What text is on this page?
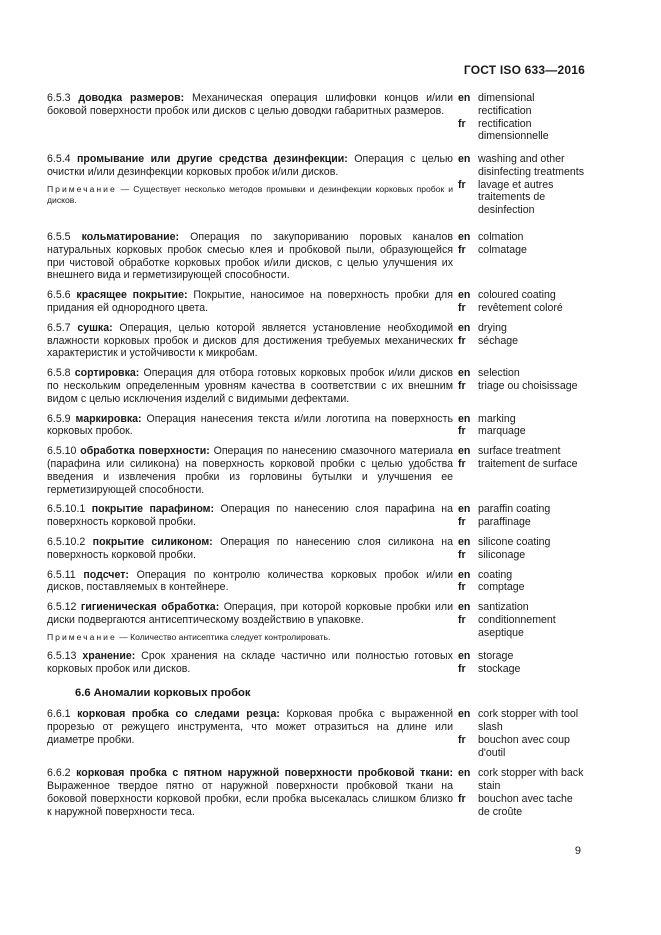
ГОСТ ISO 633—2016
6.5.3 доводка размеров: Механическая операция шлифовки концов и/или боковой поверхности пробок или дисков с целью доводки габаритных размеров.
en dimensional rectification
fr rectification dimensionnelle
6.5.4 промывание или другие средства дезинфекции: Операция с целью очистки и/или дезинфекции корковых пробок и/или дисков.
Примечание — Существует несколько методов промывки и дезинфекции корковых пробок и дисков.
en washing and other disinfecting treatments
fr lavage et autres traitements de desinfection
6.5.5 кольматирование: Операция по закупориванию поровых каналов натуральных корковых пробок смесью клея и пробковой пыли, образующейся при чистовой обработке корковых пробок и/или дисков, с целью улучшения их внешнего вида и герметизирующей способности.
en colmation
fr colmatage
6.5.6 красящее покрытие: Покрытие, наносимое на поверхность пробки для придания ей однородного цвета.
en coloured coating
fr revêtement coloré
6.5.7 сушка: Операция, целью которой является установление необходимой влажности корковых пробок и дисков для достижения требуемых механических характеристик и устойчивости к микробам.
en drying
fr séchage
6.5.8 сортировка: Операция для отбора готовых корковых пробок и/или дисков по нескольким определенным уровням качества в соответствии с их внешним видом с целью исключения изделий с видимыми дефектами.
en selection
fr triage ou choisissage
6.5.9 маркировка: Операция нанесения текста и/или логотипа на поверхность корковых пробок.
en marking
fr marquage
6.5.10 обработка поверхности: Операция по нанесению смазочного материала (парафина или силикона) на поверхность корковой пробки с целью удобства введения и извлечения пробки из горловины бутылки и улучшения ее герметизирующей способности.
en surface treatment
fr traitement de surface
6.5.10.1 покрытие парафином: Операция по нанесению слоя парафина на поверхность корковой пробки.
en paraffin coating
fr paraffinage
6.5.10.2 покрытие силиконом: Операция по нанесению слоя силикона на поверхность корковой пробки.
en silicone coating
fr siliconage
6.5.11 подсчет: Операция по контролю количества корковых пробок и/или дисков, поставляемых в контейнере.
en coating
fr comptage
6.5.12 гигиеническая обработка: Операция, при которой корковые пробки или диски подвергаются антисептическому воздействию в упаковке.
Примечание — Количество антисептика следует контролировать.
en santization
fr conditionnement aseptique
6.5.13 хранение: Срок хранения на складе частично или полностью готовых корковых пробок или дисков.
en storage
fr stockage
6.6 Аномалии корковых пробок
6.6.1 корковая пробка со следами резца: Корковая пробка с выраженной прорезью от режущего инструмента, что может отразиться на длине или диаметре пробки.
en cork stopper with tool slash
fr bouchon avec coup d'outil
6.6.2 корковая пробка с пятном наружной поверхности пробковой ткани: Выраженное твердое пятно от наружной поверхности пробковой ткани на боковой поверхности корковой пробки, если пробка высекалась слишком близко к наружной поверхности теса.
en cork stopper with back stain
fr bouchon avec tache de croûte
9
